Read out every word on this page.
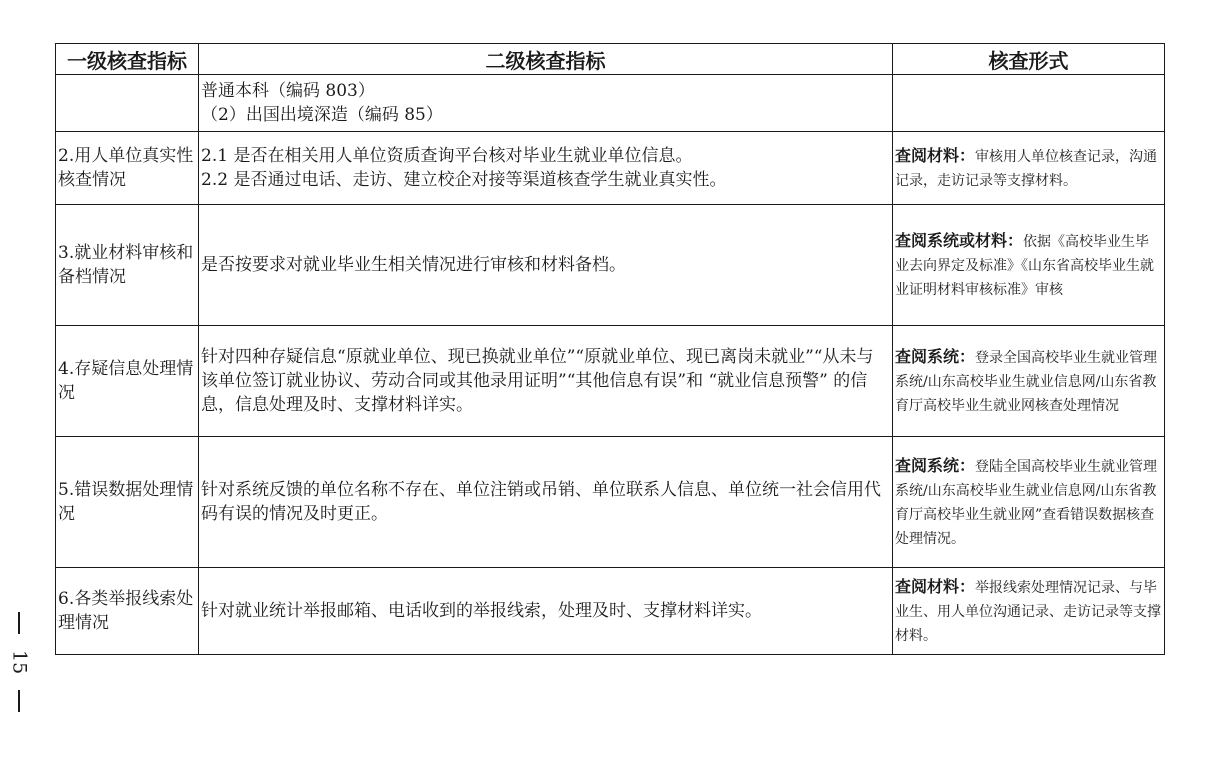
15
一级核查指标	二级核查指标	核查形式

	普通本科（编码 803）
（2）出国出境深造（编码 85）	

2.用人单位真实性核查情况	2.1 是否在相关用人单位资质查询平台核对毕业生就业单位信息。
2.2 是否通过电话、走访、建立校企对接等渠道核查学生就业真实性。	查阅材料：审核用人单位核查记录，沟通记录，走访记录等支撑材料。

3.就业材料审核和备档情况	是否按要求对就业毕业生相关情况进行审核和材料备档。	查阅系统或材料：依据《高校毕业生毕业去向界定及标准》《山东省高校毕业生就业证明材料审核标准》审核

4.存疑信息处理情况	针对四种存疑信息“原就业单位、现已换就业单位”“原就业单位、现已离岗未就业”“从未与该单位签订就业协议、劳动合同或其他录用证明”“其他信息有误”和 “就业信息预警” 的信息，信息处理及时、支撑材料详实。	查阅系统：登录全国高校毕业生就业管理系统/山东高校毕业生就业信息网/山东省教育厅高校毕业生就业网核查处理情况

5.错误数据处理情况	针对系统反馈的单位名称不存在、单位注销或吊销、单位联系人信息、单位统一社会信用代码有误的情况及时更正。	查阅系统：登陆全国高校毕业生就业管理系统/山东高校毕业生就业信息网/山东省教育厅高校毕业生就业网”查看错误数据核查处理情况。

6.各类举报线索处理情况	针对就业统计举报邮箱、电话收到的举报线索，处理及时、支撑材料详实。	查阅材料：举报线索处理情况记录、与毕业生、用人单位沟通记录、走访记录等支撑材料。
